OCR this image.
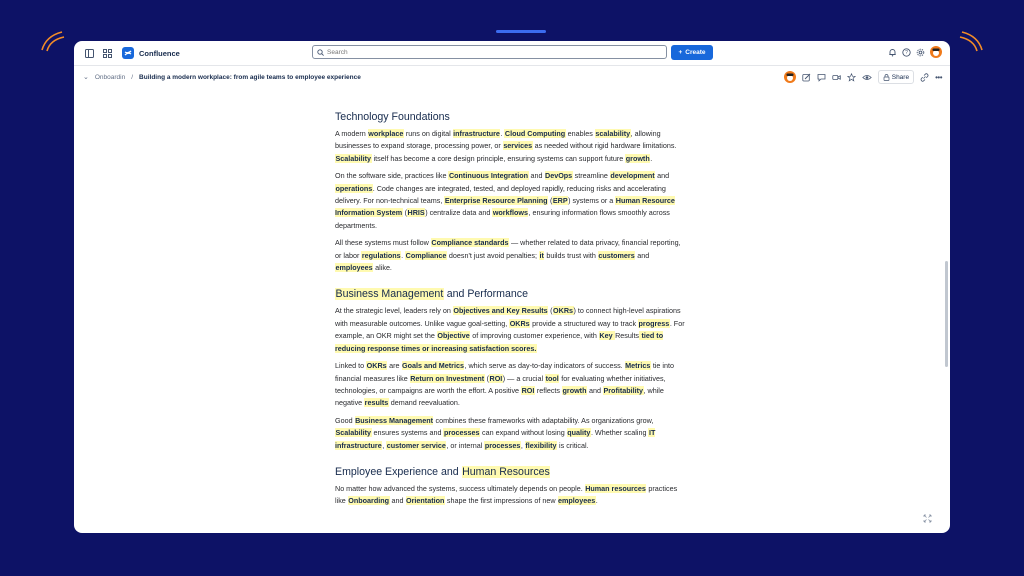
Confluence
Search	+ Create	?
⌄ Onboardin / Building a modern workplace: from agile teams to employee experience	Share	•••
Technology Foundations

A modern workplace runs on digital infrastructure. Cloud Computing enables scalability, allowing businesses to expand storage, processing power, or services as needed without rigid hardware limitations. Scalability itself has become a core design principle, ensuring systems can support future growth.

On the software side, practices like Continuous Integration and DevOps streamline development and operations. Code changes are integrated, tested, and deployed rapidly, reducing risks and accelerating delivery. For non-technical teams, Enterprise Resource Planning (ERP) systems or a Human Resource Information System (HRIS) centralize data and workflows, ensuring information flows smoothly across departments.

All these systems must follow Compliance standards — whether related to data privacy, financial reporting, or labor regulations. Compliance doesn't just avoid penalties; it builds trust with customers and employees alike.

Business Management and Performance

At the strategic level, leaders rely on Objectives and Key Results (OKRs) to connect high-level aspirations with measurable outcomes. Unlike vague goal-setting, OKRs provide a structured way to track progress. For example, an OKR might set the Objective of improving customer experience, with Key Results tied to reducing response times or increasing satisfaction scores.

Linked to OKRs are Goals and Metrics, which serve as day-to-day indicators of success. Metrics tie into financial measures like Return on Investment (ROI) — a crucial tool for evaluating whether initiatives, technologies, or campaigns are worth the effort. A positive ROI reflects growth and Profitability, while negative results demand reevaluation.

Good Business Management combines these frameworks with adaptability. As organizations grow, Scalability ensures systems and processes can expand without losing quality. Whether scaling IT infrastructure, customer service, or internal processes, flexibility is critical.

Employee Experience and Human Resources

No matter how advanced the systems, success ultimately depends on people. Human resources practices like Onboarding and Orientation shape the first impressions of new employees.
